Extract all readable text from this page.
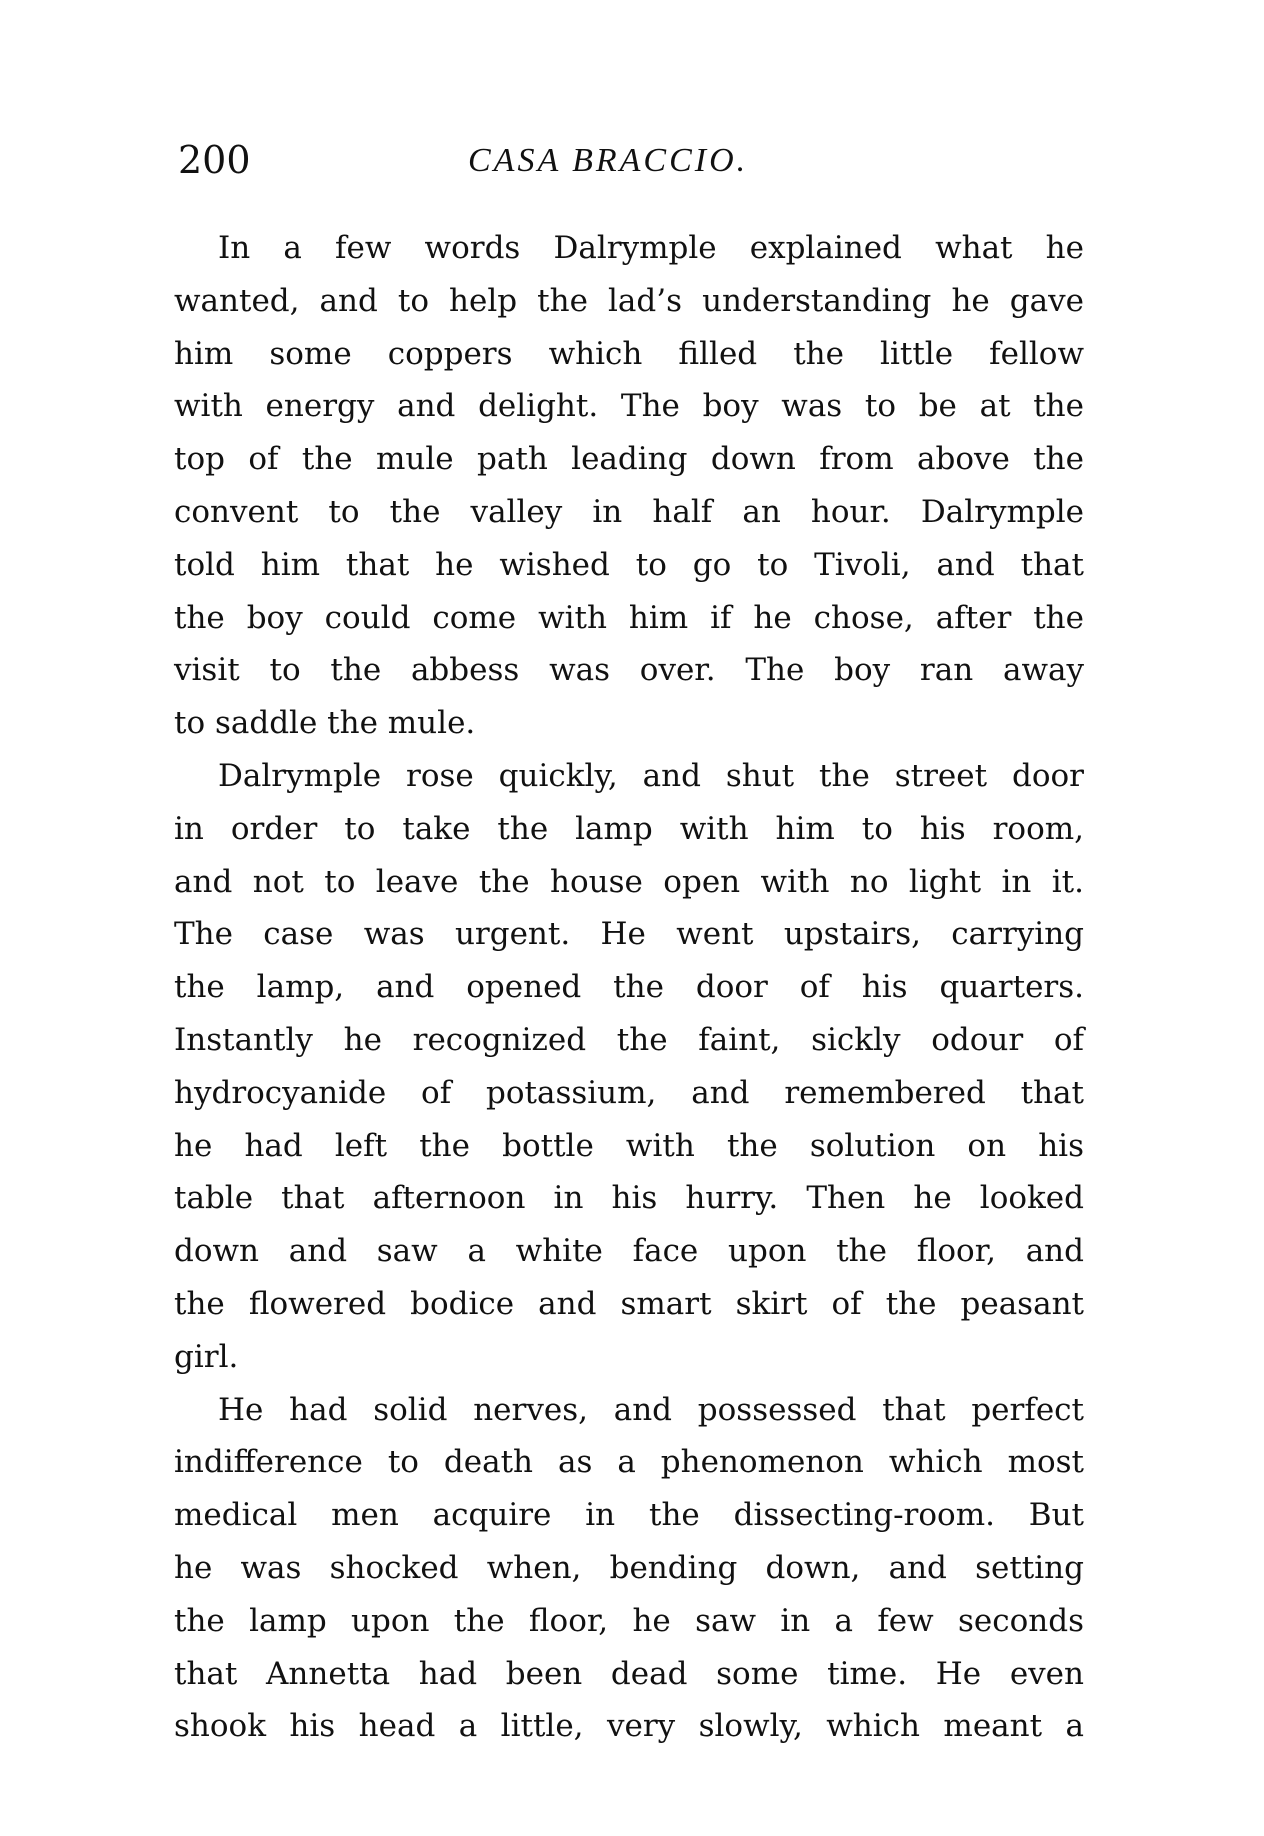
200	CASA BRACCIO.
In a few words Dalrymple explained what he
wanted, and to help the lad’s understanding he gave
him some coppers which filled the little fellow
with energy and delight. The boy was to be at the
top of the mule path leading down from above the
convent to the valley in half an hour. Dalrymple
told him that he wished to go to Tivoli, and that
the boy could come with him if he chose, after the
visit to the abbess was over. The boy ran away
to saddle the mule.
Dalrymple rose quickly, and shut the street door
in order to take the lamp with him to his room,
and not to leave the house open with no light in it.
The case was urgent. He went upstairs, carrying
the lamp, and opened the door of his quarters.
Instantly he recognized the faint, sickly odour of
hydrocyanide of potassium, and remembered that
he had left the bottle with the solution on his
table that afternoon in his hurry. Then he looked
down and saw a white face upon the floor, and
the flowered bodice and smart skirt of the peasant
girl.
He had solid nerves, and possessed that perfect
indifference to death as a phenomenon which most
medical men acquire in the dissecting-room. But
he was shocked when, bending down, and setting
the lamp upon the floor, he saw in a few seconds
that Annetta had been dead some time. He even
shook his head a little, very slowly, which meant a
